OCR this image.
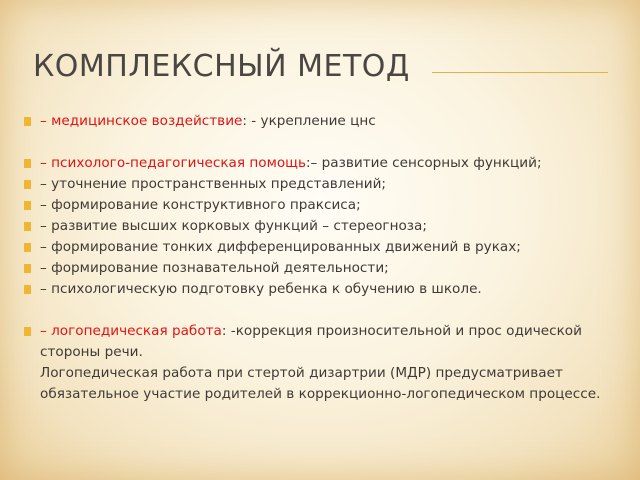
КОМПЛЕКСНЫЙ МЕТОД
– медицинское воздействие: - укрепление цнс
– психолого-педагогическая помощь:– развитие сенсорных функций;
– уточнение пространственных представлений;
– формирование конструктивного праксиса;
– развитие высших корковых функций – стереогноза;
– формирование тонких дифференцированных движений в руках;
– формирование познавательной деятельности;
– психологическую подготовку ребенка к обучению в школе.
– логопедическая работа: -коррекция произносительной и прос одической стороны речи.
Логопедическая работа при стертой дизартрии (МДР) предусматривает обязательное участие родителей в коррекционно-логопедическом процессе.
